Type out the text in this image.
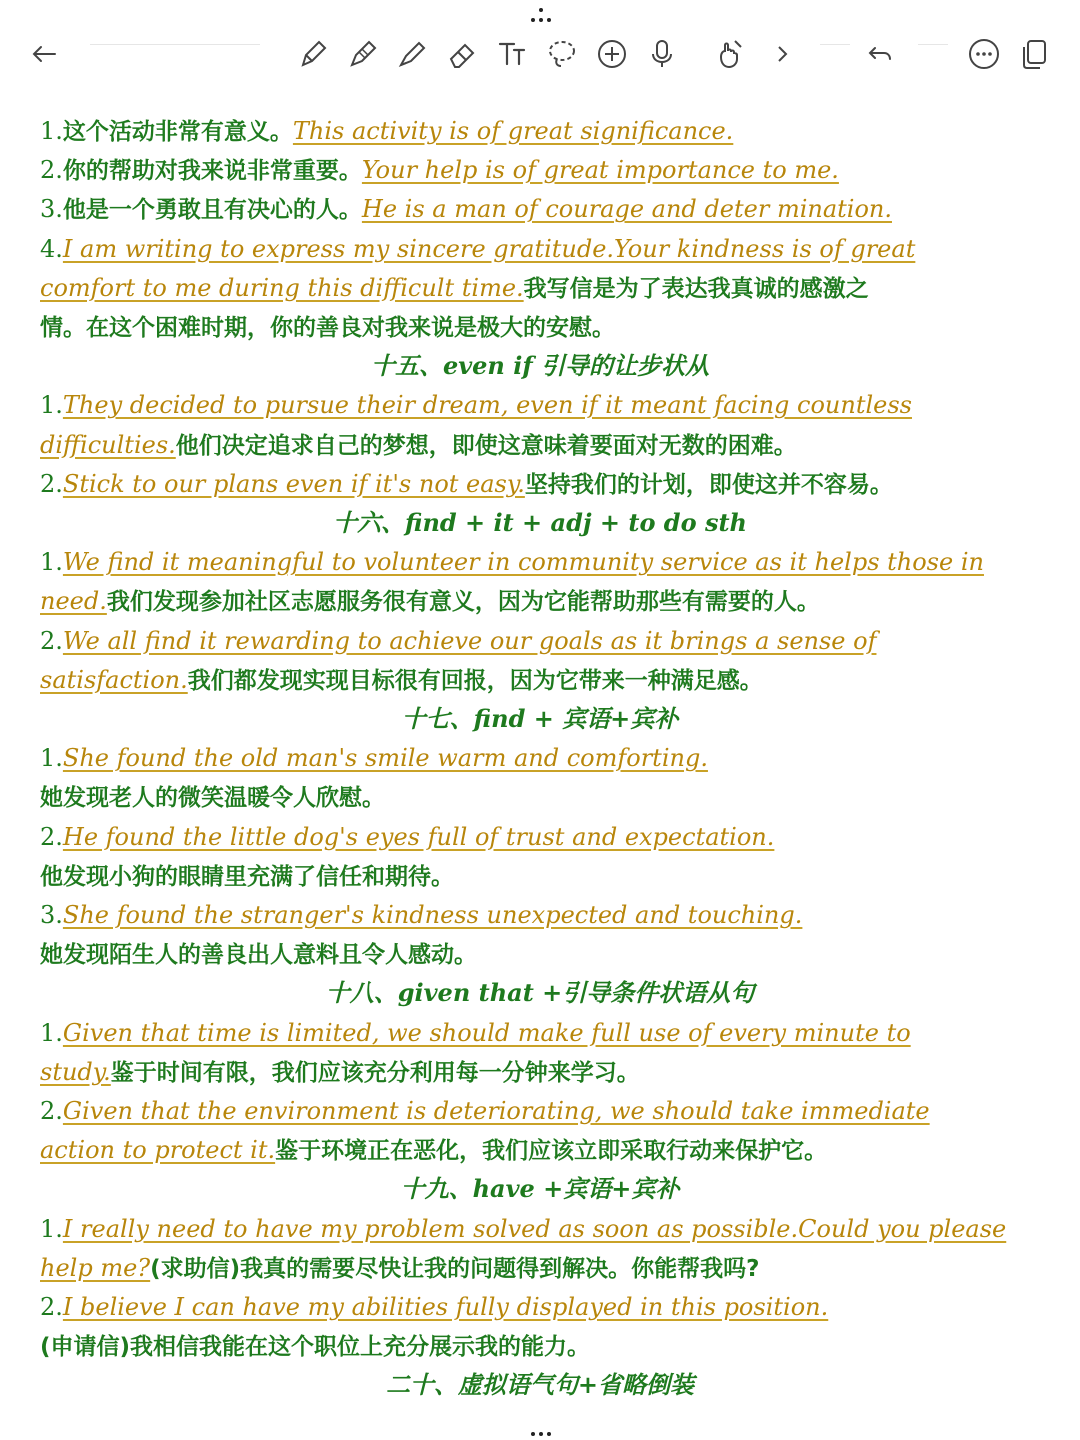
1.这个活动非常有意义。This activity is of great significance.
2.你的帮助对我来说非常重要。Your help is of great importance to me.
3.他是一个勇敢且有决心的人。He is a man of courage and deter mination.
4.I am writing to express my sincere gratitude.Your kindness is of great
comfort to me during this difficult time.我写信是为了表达我真诚的感激之
情。在这个困难时期，你的善良对我来说是极大的安慰。
十五、even if 引导的让步状从
1.They decided to pursue their dream, even if it meant facing countless
difficulties.他们决定追求自己的梦想，即使这意味着要面对无数的困难。
2.Stick to our plans even if it's not easy.坚持我们的计划，即使这并不容易。
十六、find + it + adj + to do sth
1.We find it meaningful to volunteer in community service as it helps those in
need.我们发现参加社区志愿服务很有意义，因为它能帮助那些有需要的人。
2.We all find it rewarding to achieve our goals as it brings a sense of
satisfaction.我们都发现实现目标很有回报，因为它带来一种满足感。
十七、find + 宾语+宾补
1.She found the old man's smile warm and comforting.
她发现老人的微笑温暖令人欣慰。
2.He found the little dog's eyes full of trust and expectation.
他发现小狗的眼睛里充满了信任和期待。
3.She found the stranger's kindness unexpected and touching.
她发现陌生人的善良出人意料且令人感动。
十八、given that +引导条件状语从句
1.Given that time is limited, we should make full use of every minute to
study.鉴于时间有限，我们应该充分利用每一分钟来学习。
2.Given that the environment is deteriorating, we should take immediate
action to protect it.鉴于环境正在恶化，我们应该立即采取行动来保护它。
十九、have +宾语+宾补
1.I really need to have my problem solved as soon as possible.Could you please
help me?(求助信)我真的需要尽快让我的问题得到解决。你能帮我吗?
2.I believe I can have my abilities fully displayed in this position.
(申请信)我相信我能在这个职位上充分展示我的能力。
二十、虚拟语气句+省略倒装
